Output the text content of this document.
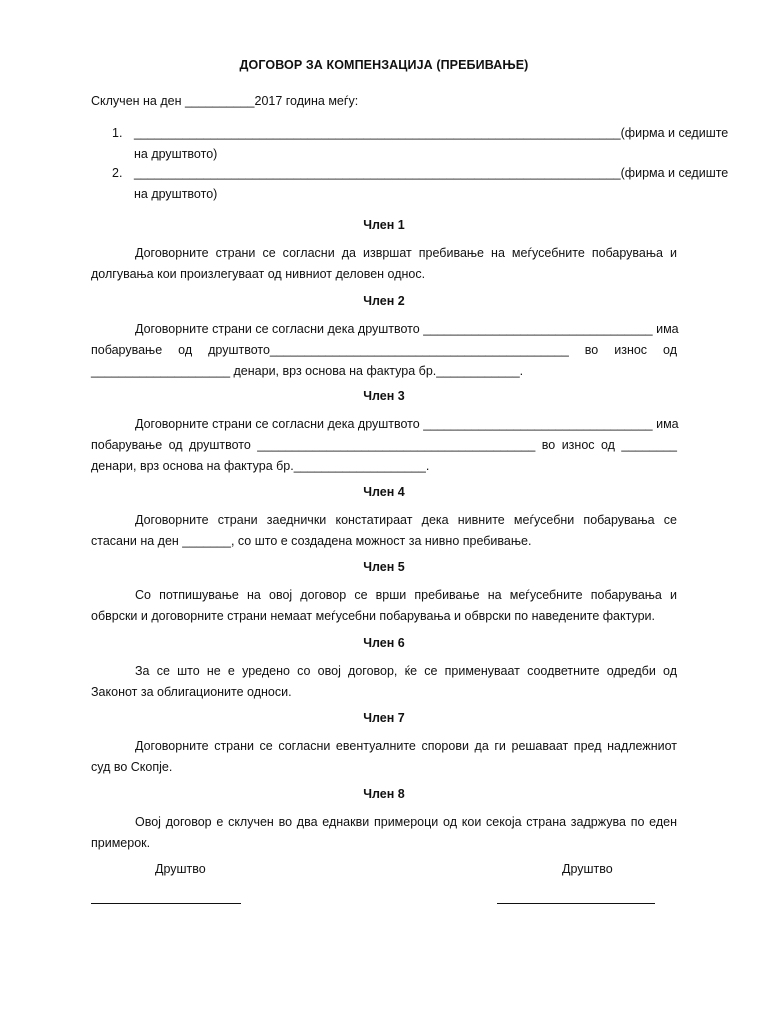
ДОГОВОР ЗА КОМПЕНЗАЦИЈА (ПРЕБИВАЊЕ)
Склучен на ден __________2017 година меѓу:
1. ______________________________________________________________________(фирма и седиште
на друштвото)
2. ______________________________________________________________________(фирма и седиште
на друштвото)
Член 1
Договорните страни се согласни да извршат пребивање на меѓусебните побарувања и
долгувања кои произлегуваат од нивниот деловен однос.
Член 2
Договорните страни се согласни дека друштвото _________________________________ има
побарување од друштвото___________________________________________ во износ од
____________________ денари, врз основа на фактура бр.____________.
Член 3
Договорните страни се согласни дека друштвото _________________________________ има
побарување од друштвото ________________________________________ во износ од ________
денари, врз основа на фактура бр.___________________.
Член 4
Договорните страни заеднички констатираат дека нивните меѓусебни побарувања се
стасани на ден _______, со што е создадена можност за нивно пребивање.
Член 5
Со потпишување на овој договор се врши пребивање на меѓусебните побарувања и
обврски и договорните страни немаат меѓусебни побарувања и обврски по наведените фактури.
Член 6
За се што не е уредено со овој договор, ќе се применуваат соодветните одредби од
Законот за облигационите односи.
Член 7
Договорните страни се согласни евентуалните спорови да ги решаваат пред надлежниот
суд во Скопје.
Член 8
Овој договор е склучен во два еднакви примероци од кои секоја страна задржува по еден
примерок.
Друштво	Друштво
